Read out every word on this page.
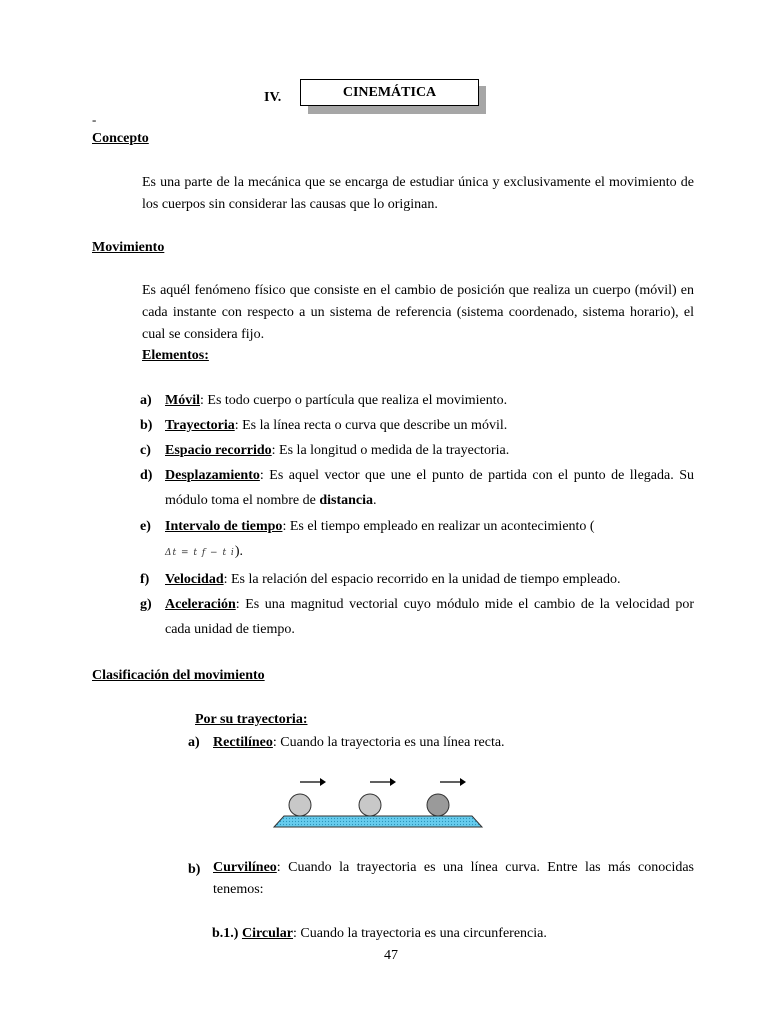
IV.	CINEMÁTICA
-
Concepto
Es una parte de la mecánica que se encarga de estudiar única y exclusivamente el movimiento de los cuerpos sin considerar las causas que lo originan.
Movimiento
Es aquél fenómeno físico que consiste en el cambio de posición que realiza un cuerpo (móvil) en cada instante con respecto a un sistema de referencia (sistema coordenado, sistema horario), el cual se considera fijo.
Elementos:
a) Móvil: Es todo cuerpo o partícula que realiza el movimiento.
b) Trayectoria: Es la línea recta o curva que describe un móvil.
c)	Espacio recorrido: Es la longitud o medida de la trayectoria.
d) Desplazamiento: Es aquel vector que une el punto de partida con el punto de llegada. Su módulo toma el nombre de distancia.
e)	Intervalo de tiempo: Es el tiempo empleado en realizar un acontecimiento (
Δt = t f − t i).
f)	Velocidad: Es la relación del espacio recorrido en la unidad de tiempo empleado.
g) Aceleración: Es una magnitud vectorial cuyo módulo mide el cambio de la velocidad por cada unidad de tiempo.
Clasificación del movimiento
Por su trayectoria:
a) Rectilíneo: Cuando la trayectoria es una línea recta.
b) Curvilíneo: Cuando la trayectoria es una línea curva. Entre las más conocidas tenemos:
b.1.) Circular: Cuando la trayectoria es una circunferencia.
47
